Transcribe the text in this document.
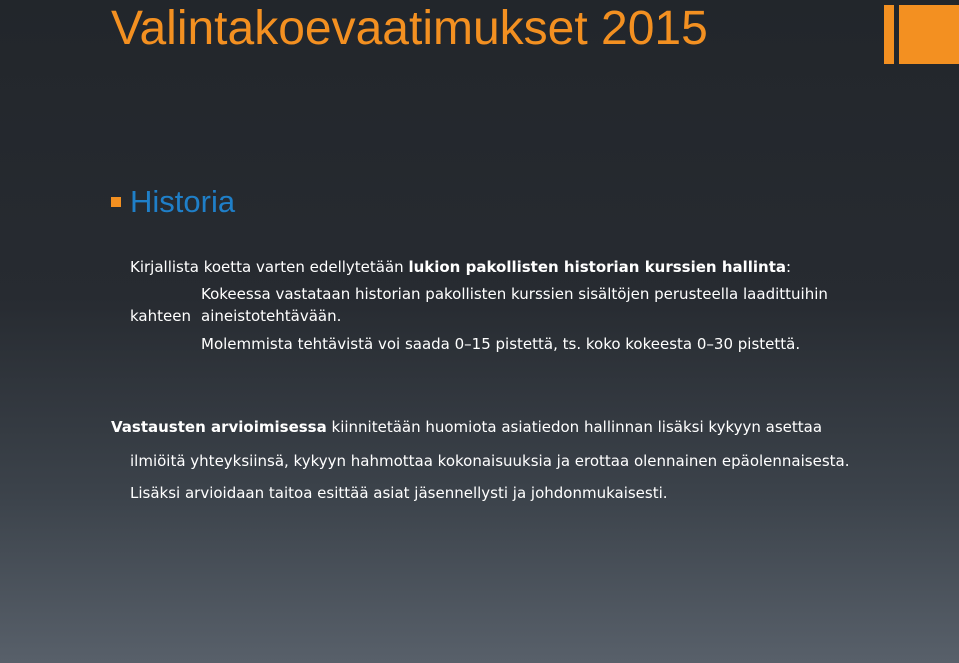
Valintakoevaatimukset 2015
Historia

Kirjallista koetta varten edellytetään lukion pakollisten historian kurssien hallinta:

Kokeessa vastataan historian pakollisten kurssien sisältöjen perusteella laadittuihin

kahteen aineistotehtävään.

Molemmista tehtävistä voi saada 0–15 pistettä, ts. koko kokeesta 0–30 pistettä.

Vastausten arvioimisessa kiinnitetään huomiota asiatiedon hallinnan lisäksi kykyyn asettaa

ilmiöitä yhteyksiinsä, kykyyn hahmottaa kokonaisuuksia ja erottaa olennainen epäolennaisesta.

Lisäksi arvioidaan taitoa esittää asiat jäsennellysti ja johdonmukaisesti.
